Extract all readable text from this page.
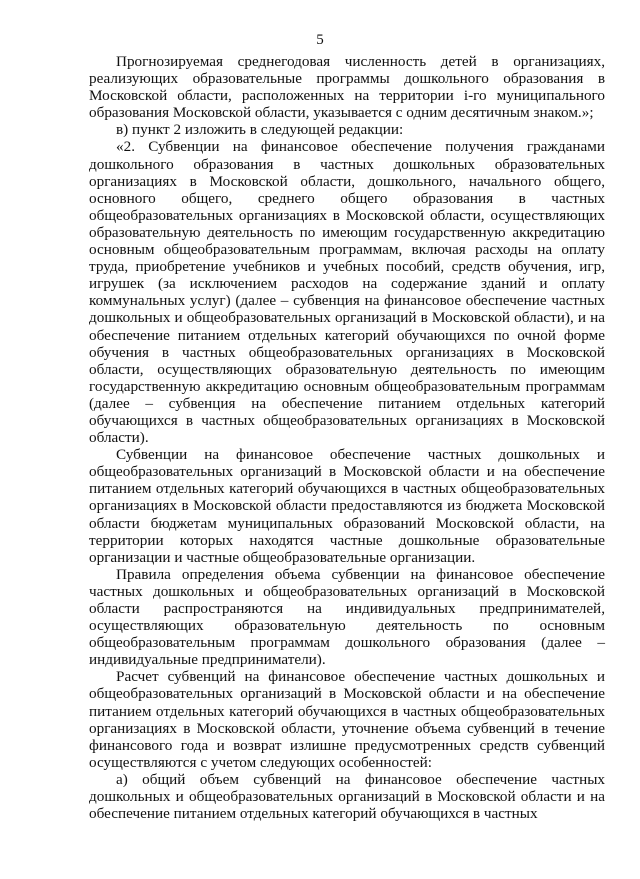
5

Прогнозируемая среднегодовая численность детей в организациях, реализующих образовательные программы дошкольного образования в Московской области, расположенных на территории i-го муниципального образования Московской области, указывается с одним десятичным знаком.»;

в) пункт 2 изложить в следующей редакции:

«2. Субвенции на финансовое обеспечение получения гражданами дошкольного образования в частных дошкольных образовательных организациях в Московской области, дошкольного, начального общего, основного общего, среднего общего образования в частных общеобразовательных организациях в Московской области, осуществляющих образовательную деятельность по имеющим государственную аккредитацию основным общеобразовательным программам, включая расходы на оплату труда, приобретение учебников и учебных пособий, средств обучения, игр, игрушек (за исключением расходов на содержание зданий и оплату коммунальных услуг) (далее – субвенция на финансовое обеспечение частных дошкольных и общеобразовательных организаций в Московской области), и на обеспечение питанием отдельных категорий обучающихся по очной форме обучения в частных общеобразовательных организациях в Московской области, осуществляющих образовательную деятельность по имеющим государственную аккредитацию основным общеобразовательным программам (далее – субвенция на обеспечение питанием отдельных категорий обучающихся в частных общеобразовательных организациях в Московской области).

Субвенции на финансовое обеспечение частных дошкольных и общеобразовательных организаций в Московской области и на обеспечение питанием отдельных категорий обучающихся в частных общеобразовательных организациях в Московской области предоставляются из бюджета Московской области бюджетам муниципальных образований Московской области, на территории которых находятся частные дошкольные образовательные организации и частные общеобразовательные организации.

Правила определения объема субвенции на финансовое обеспечение частных дошкольных и общеобразовательных организаций в Московской области распространяются на индивидуальных предпринимателей, осуществляющих образовательную деятельность по основным общеобразовательным программам дошкольного образования (далее – индивидуальные предприниматели).

Расчет субвенций на финансовое обеспечение частных дошкольных и общеобразовательных организаций в Московской области и на обеспечение питанием отдельных категорий обучающихся в частных общеобразовательных организациях в Московской области, уточнение объема субвенций в течение финансового года и возврат излишне предусмотренных средств субвенций осуществляются с учетом следующих особенностей:

а) общий объем субвенций на финансовое обеспечение частных дошкольных и общеобразовательных организаций в Московской области и на обеспечение питанием отдельных категорий обучающихся в частных
